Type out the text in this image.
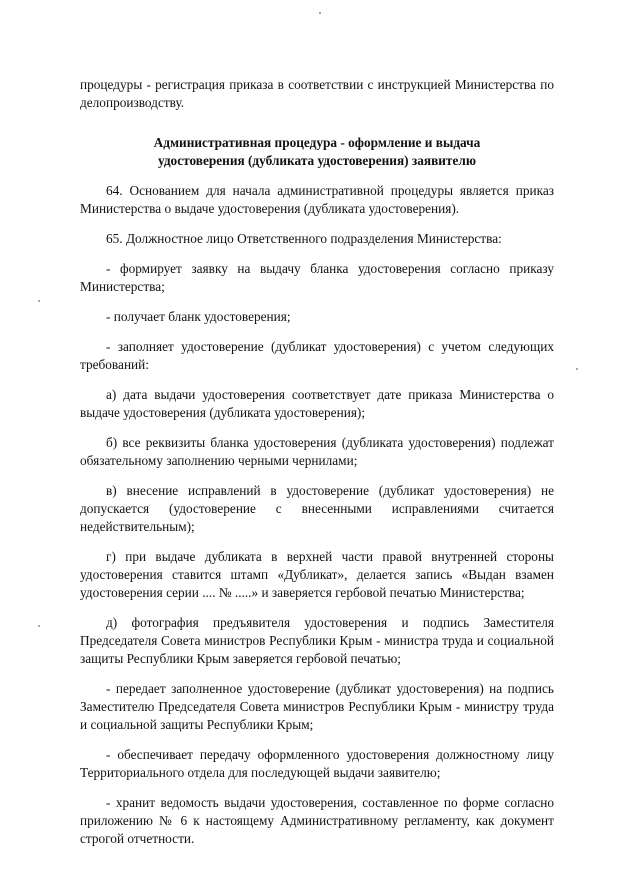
процедуры - регистрация приказа в соответствии с инструкцией Министерства по делопроизводству.

Административная процедура - оформление и выдача
удостоверения (дубликата удостоверения) заявителю

64. Основанием для начала административной процедуры является приказ Министерства о выдаче удостоверения (дубликата удостоверения).

65. Должностное лицо Ответственного подразделения Министерства:

- формирует заявку на выдачу бланка удостоверения согласно приказу Министерства;

- получает бланк удостоверения;

- заполняет удостоверение (дубликат удостоверения) с учетом следующих требований:

а) дата выдачи удостоверения соответствует дате приказа Министерства о выдаче удостоверения (дубликата удостоверения);

б) все реквизиты бланка удостоверения (дубликата удостоверения) подлежат обязательному заполнению черными чернилами;

в) внесение исправлений в удостоверение (дубликат удостоверения) не допускается (удостоверение с внесенными исправлениями считается недействительным);

г) при выдаче дубликата в верхней части правой внутренней стороны удостоверения ставится штамп «Дубликат», делается запись «Выдан взамен удостоверения серии .... № .....» и заверяется гербовой печатью Министерства;

д) фотография предъявителя удостоверения и подпись Заместителя Председателя Совета министров Республики Крым - министра труда и социальной защиты Республики Крым заверяется гербовой печатью;

- передает заполненное удостоверение (дубликат удостоверения) на подпись Заместителю Председателя Совета министров Республики Крым - министру труда и социальной защиты Республики Крым;

- обеспечивает передачу оформленного удостоверения должностному лицу Территориального отдела для последующей выдачи заявителю;

- хранит ведомость выдачи удостоверения, составленное по форме согласно приложению № 6 к настоящему Административному регламенту, как документ строгой отчетности.
